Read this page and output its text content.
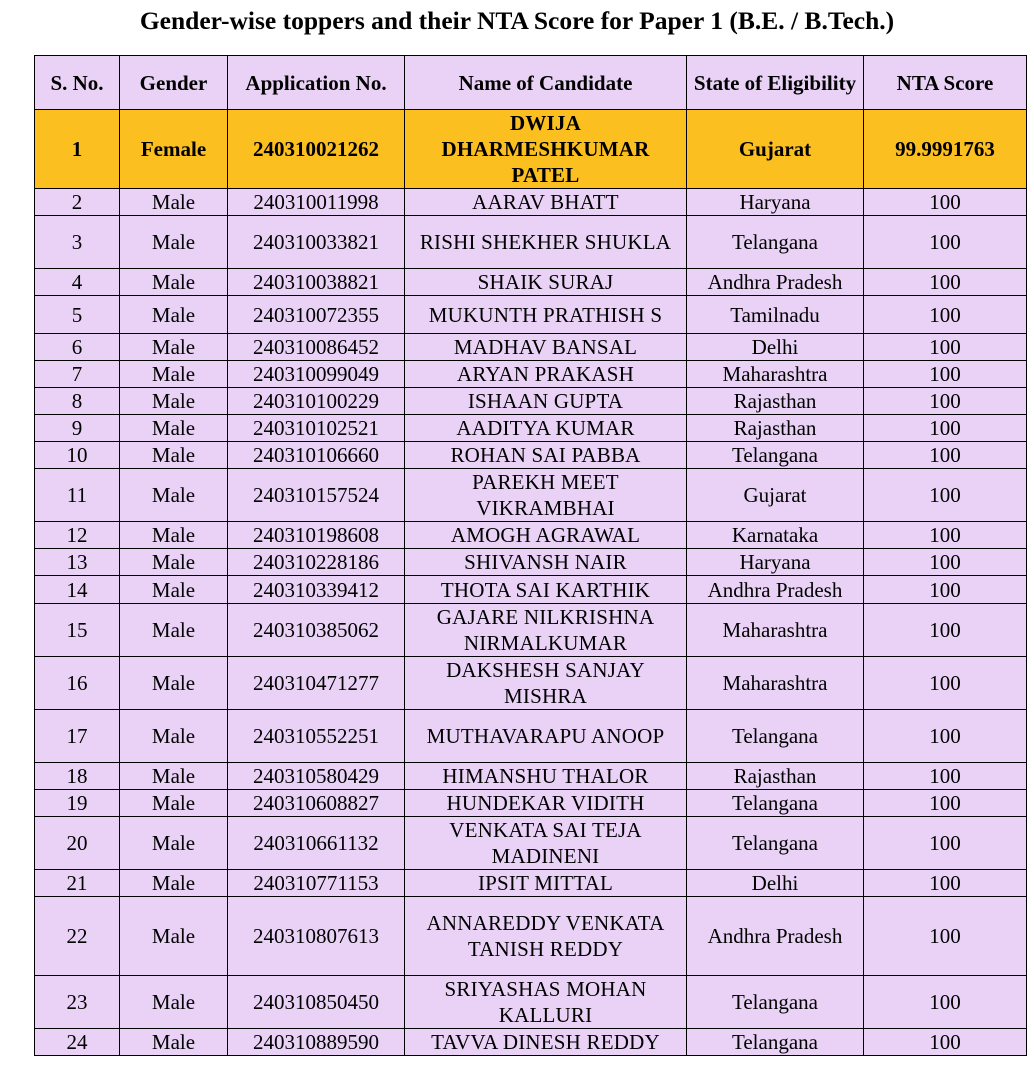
Gender-wise toppers and their NTA Score for Paper 1 (B.E. / B.Tech.)
S. No.	Gender	Application No.	Name of Candidate	State of Eligibility	NTA Score
1	Female	240310021262	DWIJA DHARMESHKUMAR PATEL	Gujarat	99.9991763
2	Male	240310011998	AARAV BHATT	Haryana	100
3	Male	240310033821	RISHI SHEKHER SHUKLA	Telangana	100
4	Male	240310038821	SHAIK SURAJ	Andhra Pradesh	100
5	Male	240310072355	MUKUNTH PRATHISH S	Tamilnadu	100
6	Male	240310086452	MADHAV BANSAL	Delhi	100
7	Male	240310099049	ARYAN PRAKASH	Maharashtra	100
8	Male	240310100229	ISHAAN GUPTA	Rajasthan	100
9	Male	240310102521	AADITYA KUMAR	Rajasthan	100
10	Male	240310106660	ROHAN SAI PABBA	Telangana	100
11	Male	240310157524	PAREKH MEET VIKRAMBHAI	Gujarat	100
12	Male	240310198608	AMOGH AGRAWAL	Karnataka	100
13	Male	240310228186	SHIVANSH NAIR	Haryana	100
14	Male	240310339412	THOTA SAI KARTHIK	Andhra Pradesh	100
15	Male	240310385062	GAJARE NILKRISHNA NIRMALKUMAR	Maharashtra	100
16	Male	240310471277	DAKSHESH SANJAY MISHRA	Maharashtra	100
17	Male	240310552251	MUTHAVARAPU ANOOP	Telangana	100
18	Male	240310580429	HIMANSHU THALOR	Rajasthan	100
19	Male	240310608827	HUNDEKAR VIDITH	Telangana	100
20	Male	240310661132	VENKATA SAI TEJA MADINENI	Telangana	100
21	Male	240310771153	IPSIT MITTAL	Delhi	100
22	Male	240310807613	ANNAREDDY VENKATA TANISH REDDY	Andhra Pradesh	100
23	Male	240310850450	SRIYASHAS MOHAN KALLURI	Telangana	100
24	Male	240310889590	TAVVA DINESH REDDY	Telangana	100
